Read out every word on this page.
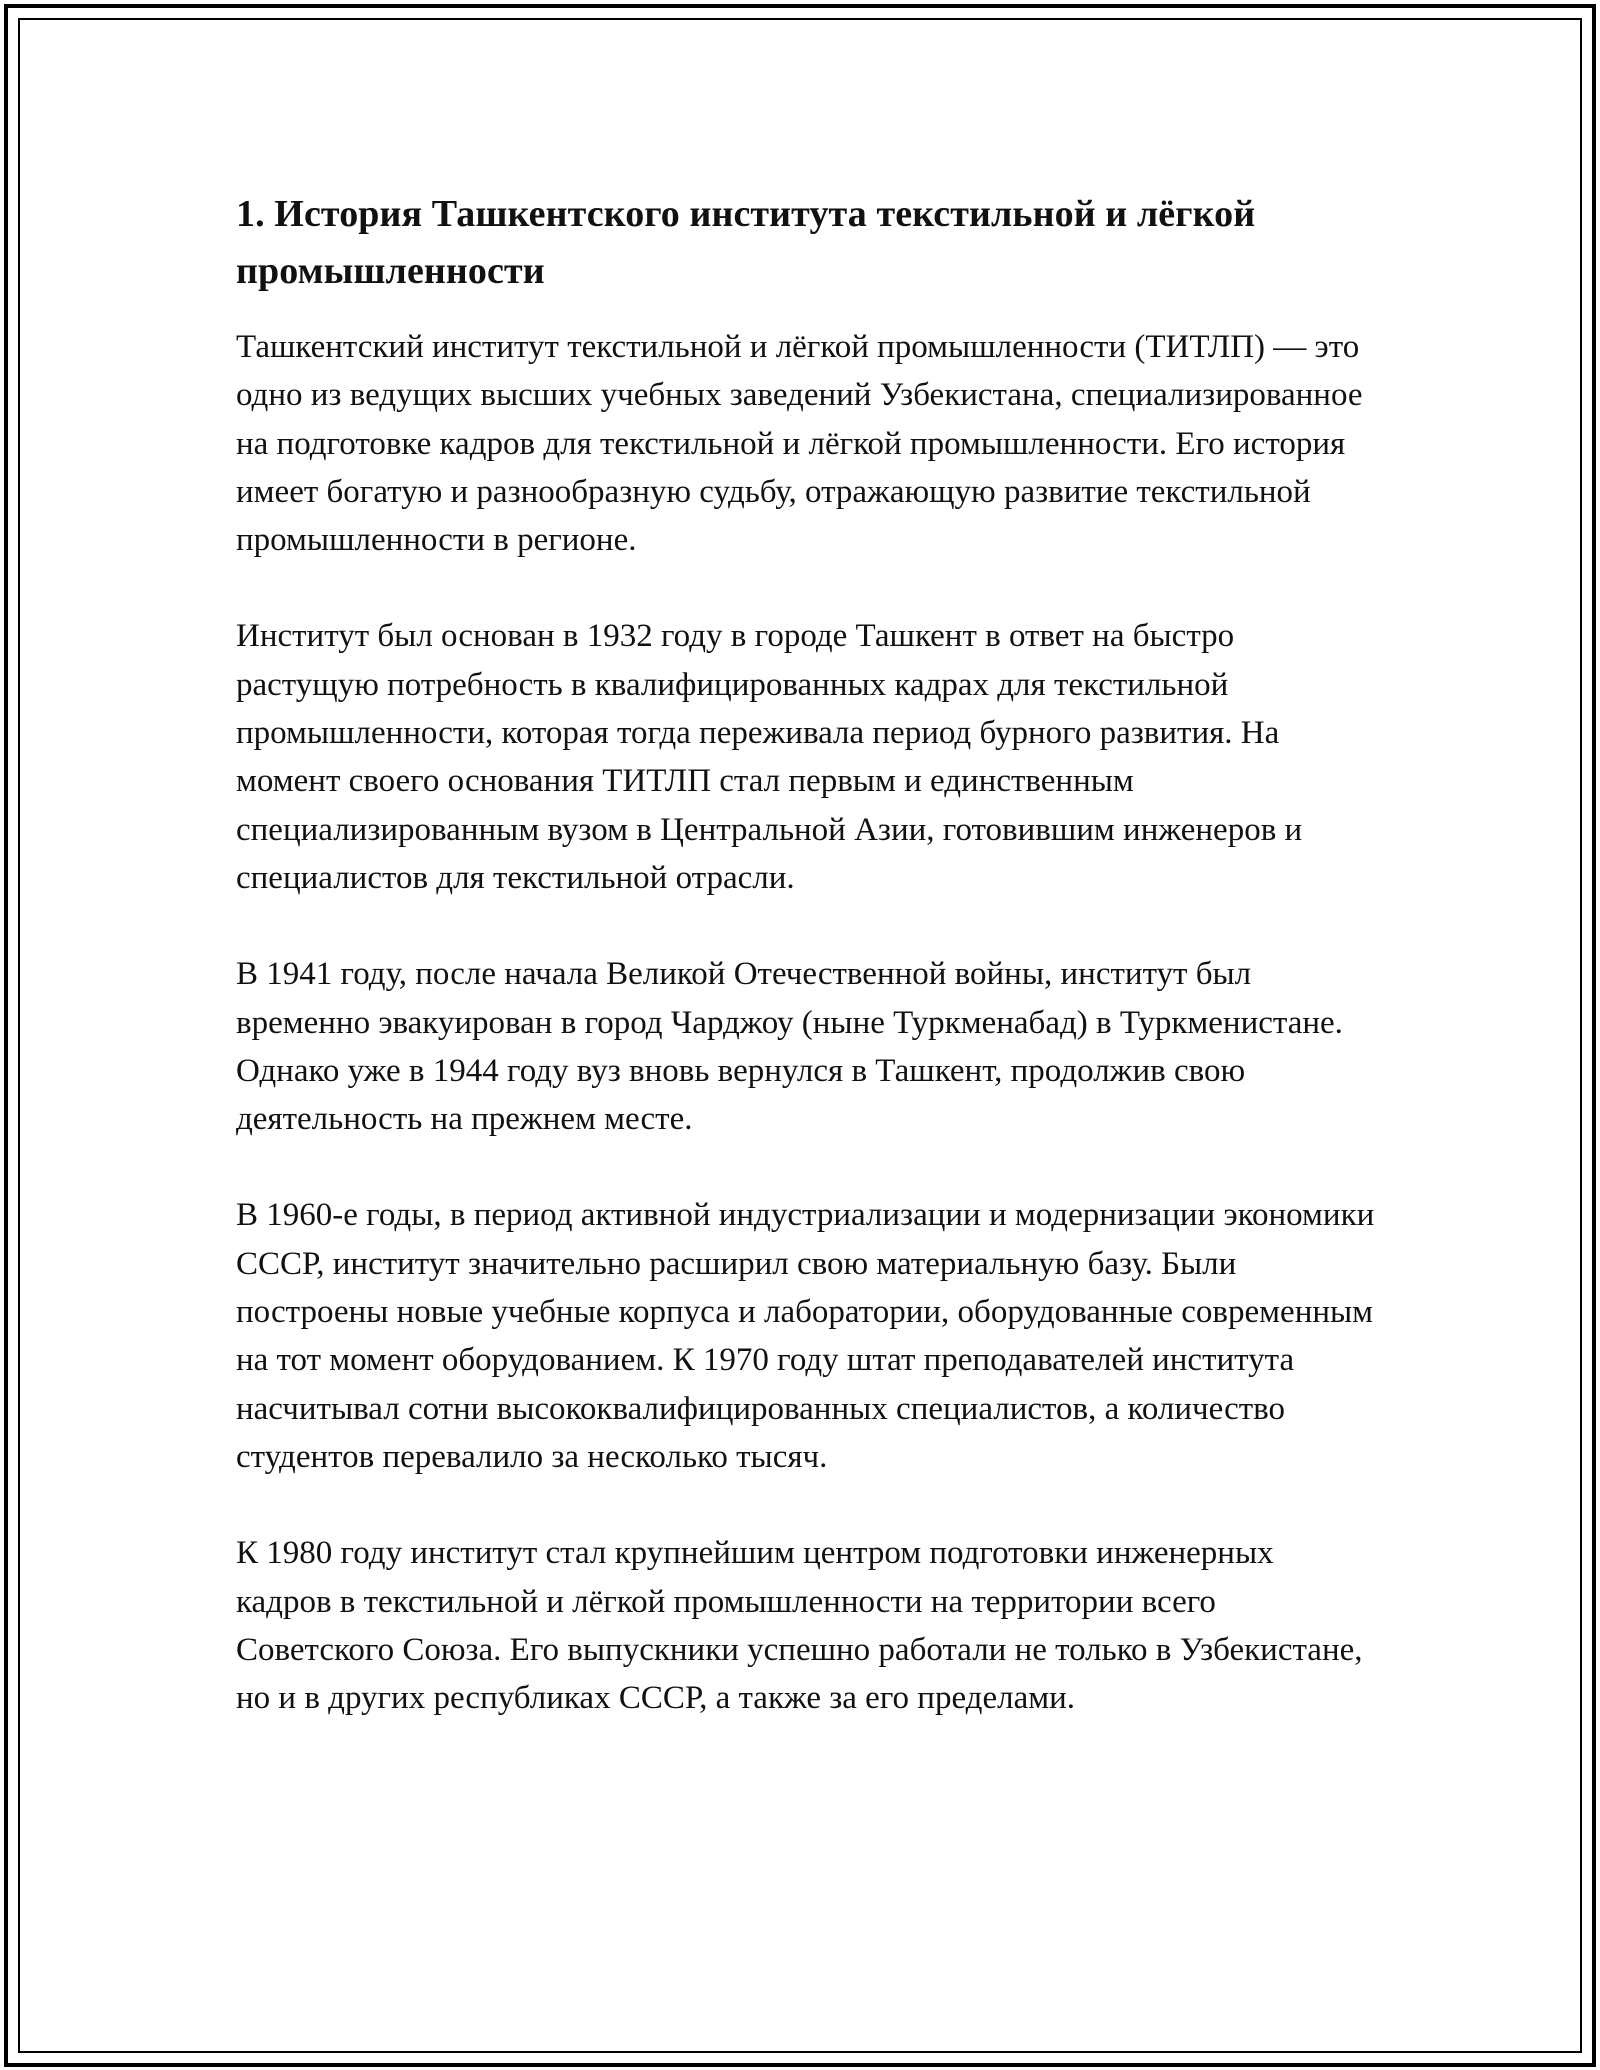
1. История Ташкентского института текстильной и лёгкой промышленности

Ташкентский институт текстильной и лёгкой промышленности (ТИТЛП) — это одно из ведущих высших учебных заведений Узбекистана, специализированное на подготовке кадров для текстильной и лёгкой промышленности. Его история имеет богатую и разнообразную судьбу, отражающую развитие текстильной промышленности в регионе.

Институт был основан в 1932 году в городе Ташкент в ответ на быстро растущую потребность в квалифицированных кадрах для текстильной промышленности, которая тогда переживала период бурного развития. На момент своего основания ТИТЛП стал первым и единственным специализированным вузом в Центральной Азии, готовившим инженеров и специалистов для текстильной отрасли.

В 1941 году, после начала Великой Отечественной войны, институт был временно эвакуирован в город Чарджоу (ныне Туркменабад) в Туркменистане. Однако уже в 1944 году вуз вновь вернулся в Ташкент, продолжив свою деятельность на прежнем месте.

В 1960-е годы, в период активной индустриализации и модернизации экономики СССР, институт значительно расширил свою материальную базу. Были построены новые учебные корпуса и лаборатории, оборудованные современным на тот момент оборудованием. К 1970 году штат преподавателей института насчитывал сотни высококвалифицированных специалистов, а количество студентов перевалило за несколько тысяч.

К 1980 году институт стал крупнейшим центром подготовки инженерных кадров в текстильной и лёгкой промышленности на территории всего Советского Союза. Его выпускники успешно работали не только в Узбекистане, но и в других республиках СССР, а также за его пределами.
